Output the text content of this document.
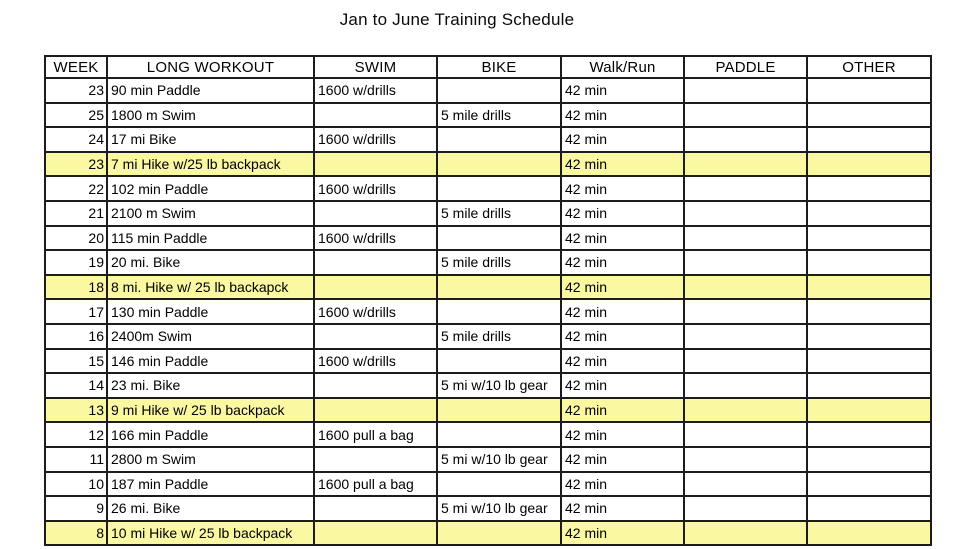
Jan to June Training Schedule
WEEK	LONG WORKOUT	SWIM	BIKE	Walk/Run	PADDLE	OTHER
23	90 min Paddle	1600 w/drills		42 min		
25	1800 m Swim		5 mile drills	42 min		
24	17 mi Bike	1600 w/drills		42 min		
23	7 mi Hike w/25 lb backpack			42 min		
22	102 min Paddle	1600 w/drills		42 min		
21	2100 m Swim		5 mile drills	42 min		
20	115 min Paddle	1600 w/drills		42 min		
19	20 mi. Bike		5 mile drills	42 min		
18	8 mi. Hike w/ 25 lb backapck			42 min		
17	130 min Paddle	1600 w/drills		42 min		
16	2400m Swim		5 mile drills	42 min		
15	146 min Paddle	1600 w/drills		42 min		
14	23 mi. Bike		5 mi w/10 lb gear	42 min		
13	9 mi Hike w/ 25 lb backpack			42 min		
12	166 min Paddle	1600 pull a bag		42 min		
11	2800 m Swim		5 mi w/10 lb gear	42 min		
10	187 min Paddle	1600 pull a bag		42 min		
9	26 mi. Bike		5 mi w/10 lb gear	42 min		
8	10 mi Hike w/ 25 lb backpack			42 min		
